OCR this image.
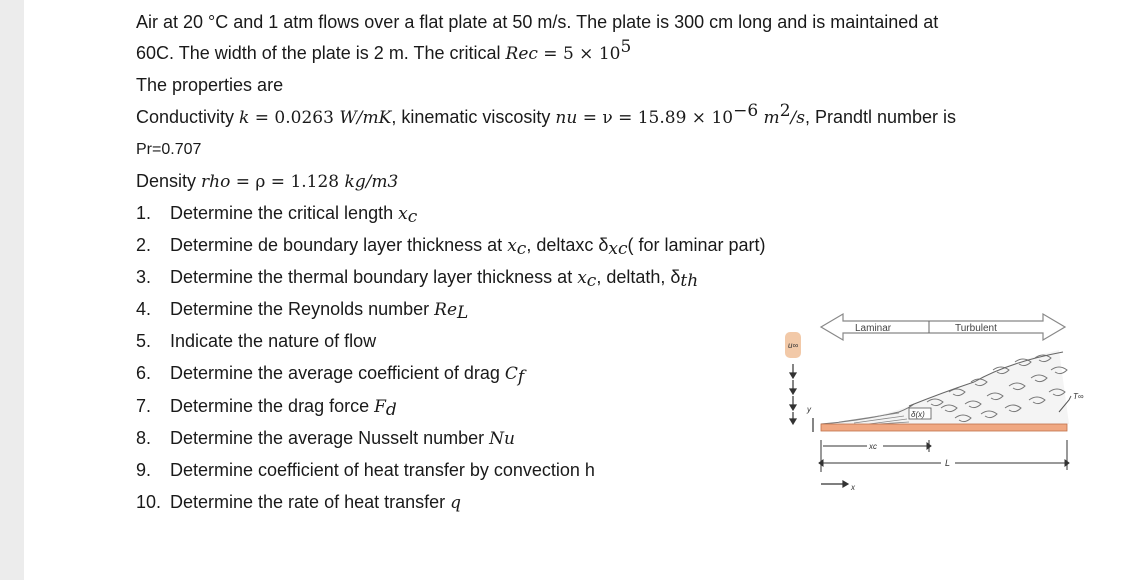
Air at 20 °C and 1 atm flows over a flat plate at 50 m/s. The plate is 300 cm long and is maintained at
60C. The width of the plate is 2 m. The critical Rec = $5 \times 10^5$
The properties are
Conductivity k = 0.0263 W/mK, kinematic viscosity nu = $\nu = 15.89 \times 10^{-6}$ $m^2/s$, Prandtl number is
Pr=0.707
Density rho = ρ = 1.128 kg/m3
1. Determine the critical length $x_c$
2. Determine de boundary layer thickness at $x_c$, deltaxc $\delta_{xc}$( for laminar part)
3. Determine the thermal boundary layer thickness at $x_c$, deltath, $\delta_{th}$
4. Determine the Reynolds number $Re_L$
5. Indicate the nature of flow
6. Determine the average coefficient of drag $C_f$
7. Determine the drag force $F_d$
8. Determine the average Nusselt number Nu
9. Determine coefficient of heat transfer by convection h
10. Determine the rate of heat transfer q
Laminar	Turbulent
u∞
y
δ(x)
T∞
xc
L
x
